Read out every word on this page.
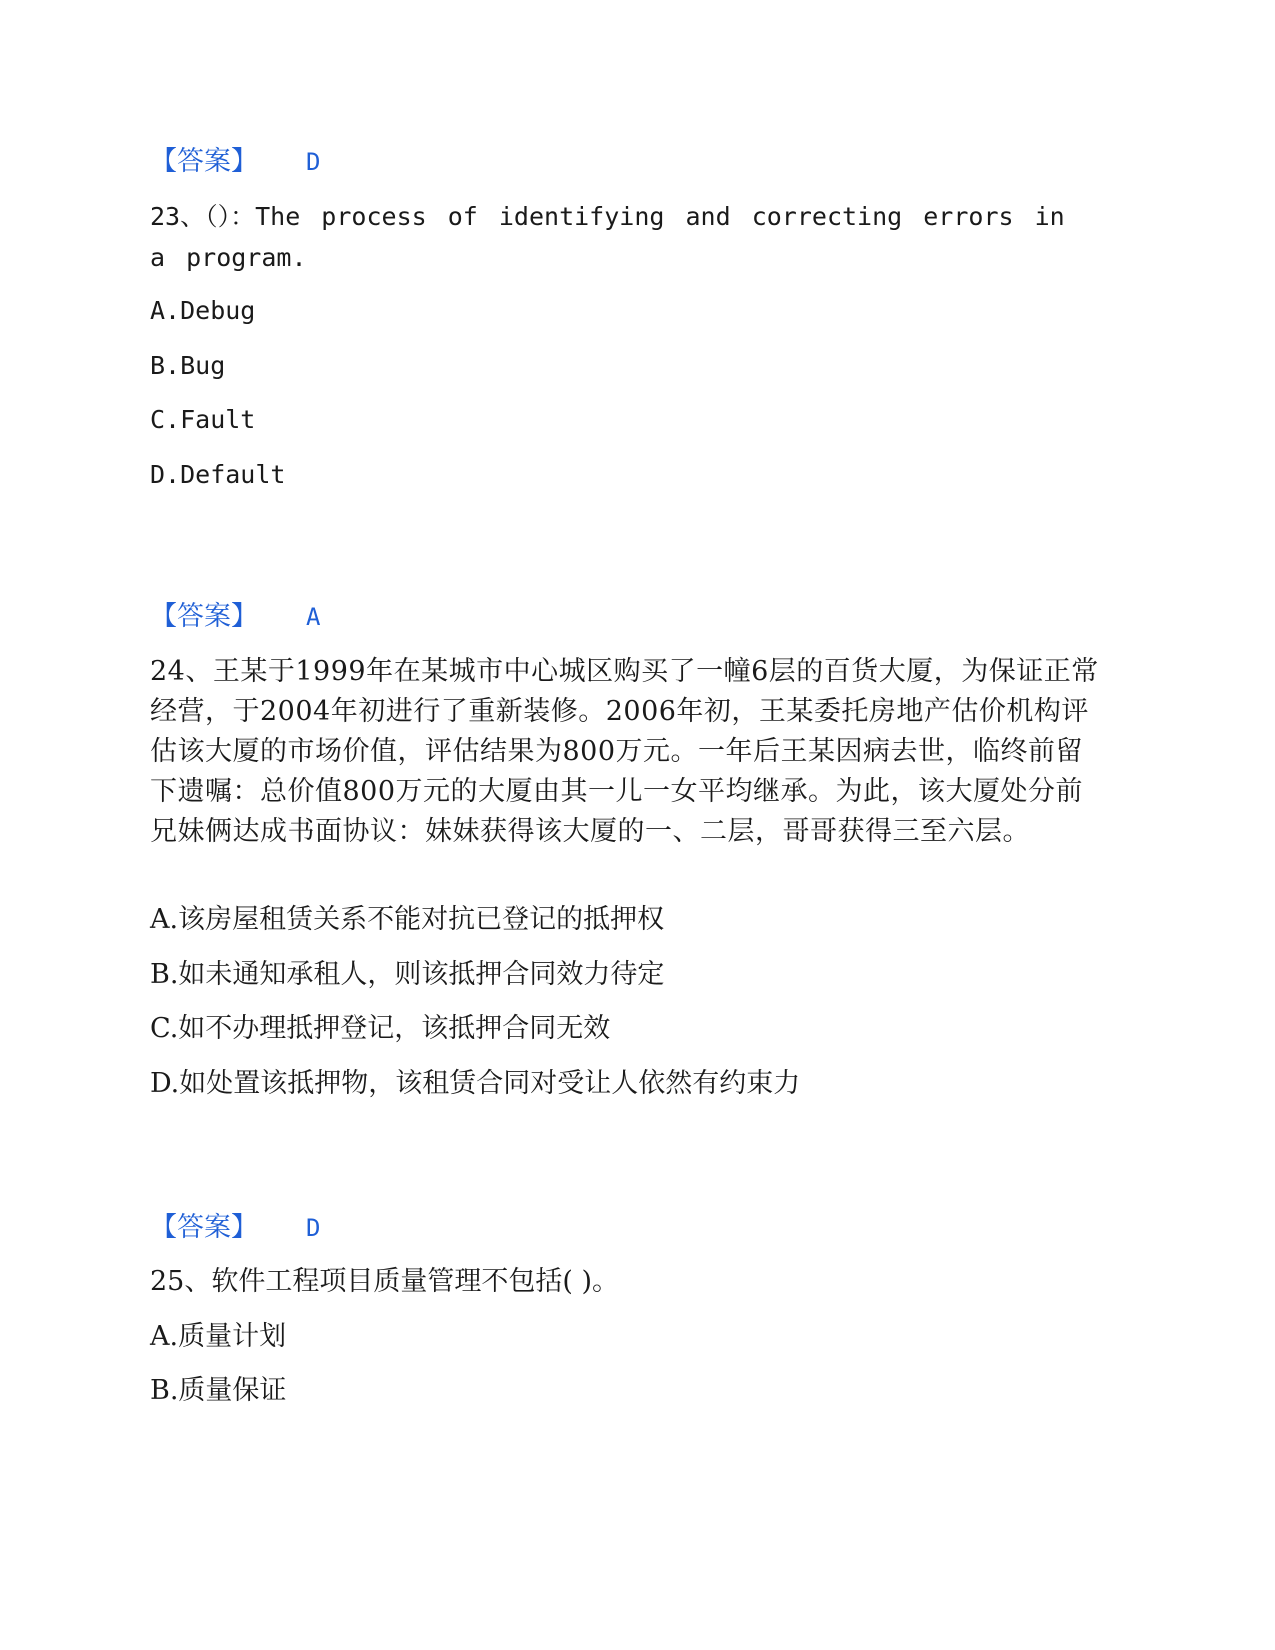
【答案】 D
23、（）：The process of identifying and correcting errors in a program.
A.Debug
B.Bug
C.Fault
D.Default
【答案】 A
24、王某于1999年在某城市中心城区购买了一幢6层的百货大厦，为保证正常经营，于2004年初进行了重新装修。2006年初，王某委托房地产估价机构评估该大厦的市场价值，评估结果为800万元。一年后王某因病去世，临终前留下遗嘱：总价值800万元的大厦由其一儿一女平均继承。为此，该大厦处分前兄妹俩达成书面协议：妹妹获得该大厦的一、二层，哥哥获得三至六层。
A.该房屋租赁关系不能对抗已登记的抵押权
B.如未通知承租人，则该抵押合同效力待定
C.如不办理抵押登记，该抵押合同无效
D.如处置该抵押物，该租赁合同对受让人依然有约束力
【答案】 D
25、软件工程项目质量管理不包括( )。
A.质量计划
B.质量保证
